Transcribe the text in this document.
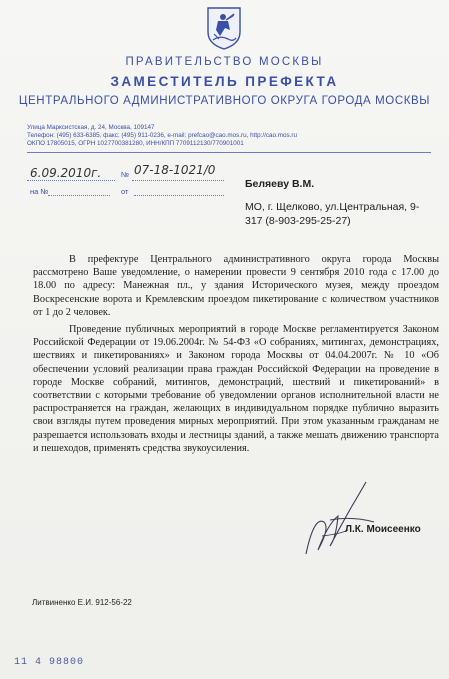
ПРАВИТЕЛЬСТВО МОСКВЫ
ЗАМЕСТИТЕЛЬ ПРЕФЕКТА
ЦЕНТРАЛЬНОГО АДМИНИСТРАТИВНОГО ОКРУГА ГОРОДА МОСКВЫ
Улица Марксистская, д. 24, Москва, 109147
Телефон: (495) 633-6385, факс: (495) 911-0236, e-mail: prefcao@cao.mos.ru, http://cao.mos.ru
ОКПО 17805015, ОГРН 1027700381280, ИНН/КПП 7709112130/770901001
6.09.2010г.	№ 07-18-1021/0
на №	от
Беляеву В.М.
МО, г. Щелково, ул.Центральная, 9-
317 (8-903-295-25-27)

В префектуре Центрального административного округа города Москвы рассмотрено Ваше уведомление, о намерении провести 9 сентября 2010 года с 17.00 до 18.00 по адресу: Манежная пл., у здания Исторического музея, между проездом Воскресенские ворота и Кремлевским проездом пикетирование с количеством участников от 1 до 2 человек.

Проведение публичных мероприятий в городе Москве регламентируется Законом Российской Федерации от 19.06.2004г. № 54-ФЗ «О собраниях, митингах, демонстрациях, шествиях и пикетированиях» и Законом города Москвы от 04.04.2007г. № 10 «Об обеспечении условий реализации права граждан Российской Федерации на проведение в городе Москве собраний, митингов, демонстраций, шествий и пикетирований» в соответствии с которыми требование об уведомлении органов исполнительной власти не распространяется на граждан, желающих в индивидуальном порядке публично выразить свои взгляды путем проведения мирных мероприятий. При этом указанным гражданам не разрешается использовать входы и лестницы зданий, а также мешать движению транспорта и пешеходов, применять средства звукоусиления.

Л.К. Моисеенко
Литвиненко Е.И. 912-56-22
11 4 98800
